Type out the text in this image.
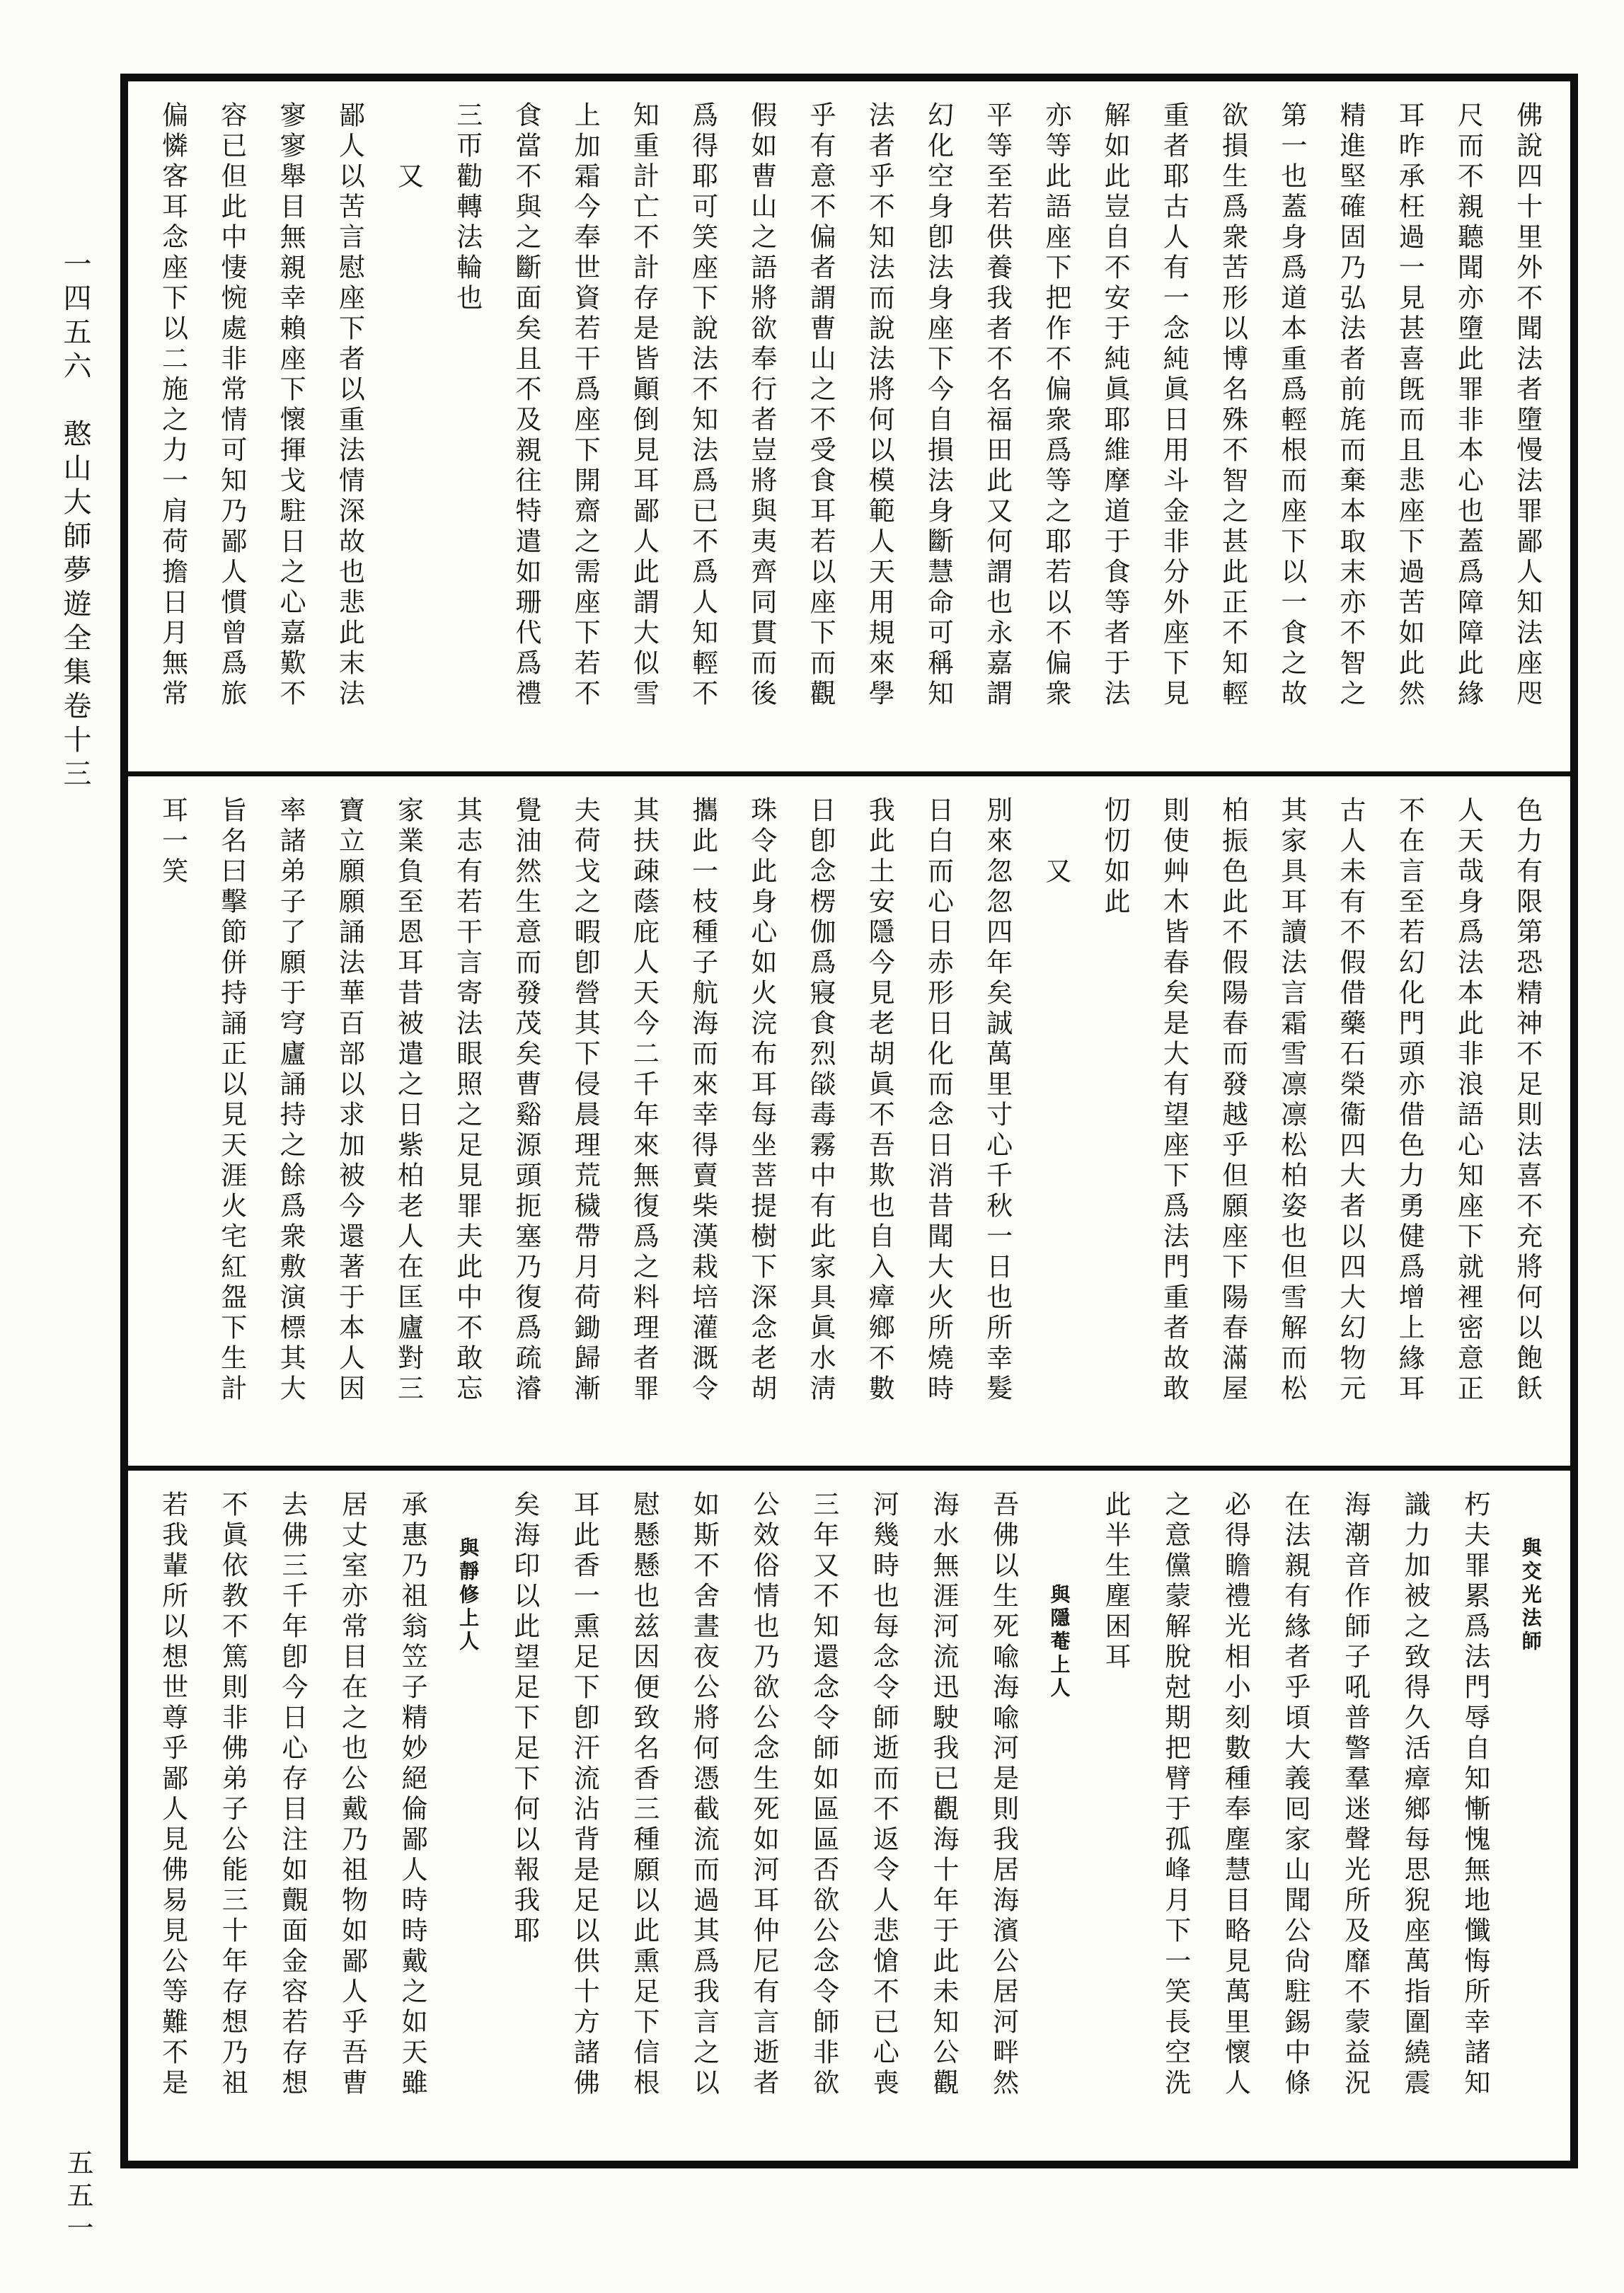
一四五六　憨山大師夢遊全集卷十三	佛說四十里外不聞法者墮慢法罪鄙人知法座咫
尺而不親聽聞亦墮此罪非本心也蓋爲障障此緣
耳昨承枉過一見甚喜旣而且悲座下過苦如此然
精進堅確固乃弘法者前旄而棄本取末亦不智之
第一也蓋身爲道本重爲輕根而座下以一食之故
欲損生爲衆苦形以博名殊不智之甚此正不知輕
重者耶古人有一念純眞日用斗金非分外座下見
解如此豈自不安于純眞耶維摩道于食等者于法
亦等此語座下把作不偏衆爲等之耶若以不偏衆
平等至若供養我者不名福田此又何謂也永嘉謂
幻化空身卽法身座下今自損法身斷慧命可稱知
法者乎不知法而說法將何以模範人天用規來學
乎有意不偏者謂曹山之不受食耳若以座下而觀
假如曹山之語將欲奉行者豈將與夷齊同貫而後
爲得耶可笑座下說法不知法爲已不爲人知輕不
知重計亡不計存是皆顚倒見耳鄙人此謂大似雪
上加霜今奉世資若干爲座下開齋之需座下若不
食當不與之斷面矣且不及親往特遣如珊代爲禮
三帀勸轉法輪也
　　又
鄙人以苦言慰座下者以重法情深故也悲此末法
寥寥舉目無親幸賴座下懷揮戈駐日之心嘉歎不
容已但此中悽惋處非常情可知乃鄙人慣曾爲旅
偏憐客耳念座下以二施之力一肩荷擔日月無常
色力有限第恐精神不足則法喜不充將何以飽飫
人天哉身爲法本此非浪語心知座下就裡密意正
不在言至若幻化門頭亦借色力勇健爲增上緣耳
古人未有不假借藥石榮衞四大者以四大幻物元
其家具耳讀法言霜雪凛凛松柏姿也但雪解而松
柏振色此不假陽春而發越乎但願座下陽春滿屋
則使艸木皆春矣是大有望座下爲法門重者故敢
忉忉如此
　　又
別來忽忽四年矣誠萬里寸心千秋一日也所幸髮
日白而心日赤形日化而念日消昔聞大火所燒時
我此土安隱今見老胡眞不吾欺也自入瘴鄉不數
日卽念楞伽爲寢食烈燄毒霧中有此家具眞水淸
珠令此身心如火浣布耳每坐菩提樹下深念老胡
攜此一枝種子航海而來幸得賣柴漢栽培灌溉令
其扶疎蔭庇人天今二千年來無復爲之料理者罪
夫荷戈之暇卽營其下侵晨理荒穢帶月荷鋤歸漸
覺油然生意而發茂矣曹谿源頭扼塞乃復爲疏濬
其志有若干言寄法眼照之足見罪夫此中不敢忘
家業負至恩耳昔被遣之日紫柏老人在匡廬對三
寶立願願誦法華百部以求加被今還著于本人因
率諸弟子了願于穹廬誦持之餘爲衆敷演標其大
旨名曰擊節併持誦正以見天涯火宅紅盌下生計
耳一笑
　　與交光法師
朽夫罪累爲法門辱自知慚愧無地懺悔所幸諸知
識力加被之致得久活瘴鄉每思猊座萬指圍繞震
海潮音作師子吼普警羣迷聲光所及靡不蒙益況
在法親有緣者乎頃大義囘家山聞公尙駐錫中條
必得瞻禮光相小刻數種奉塵慧目略見萬里懷人
之意儻蒙解脫尅期把臂于孤峰月下一笑長空洗
此半生塵困耳
　　　　與隱菴上人
吾佛以生死喩海喩河是則我居海濱公居河畔然
海水無涯河流迅駛我已觀海十年于此未知公觀
河幾時也每念令師逝而不返令人悲愴不已心喪
三年又不知還念令師如區區否欲公念令師非欲
公效俗情也乃欲公念生死如河耳仲尼有言逝者
如斯不舍晝夜公將何憑截流而過其爲我言之以
慰懸懸也兹因便致名香三種願以此熏足下信根
耳此香一熏足下卽汗流沾背是足以供十方諸佛
矣海印以此望足下足下何以報我耶
　　與靜修上人
承惠乃祖翁笠子精妙絕倫鄙人時時戴之如天雖
居丈室亦常目在之也公戴乃祖物如鄙人乎吾曹
去佛三千年卽今日心存目注如覿面金容若存想
不眞依教不篤則非佛弟子公能三十年存想乃祖
若我輩所以想世尊乎鄙人見佛易見公等難不是
五五一
